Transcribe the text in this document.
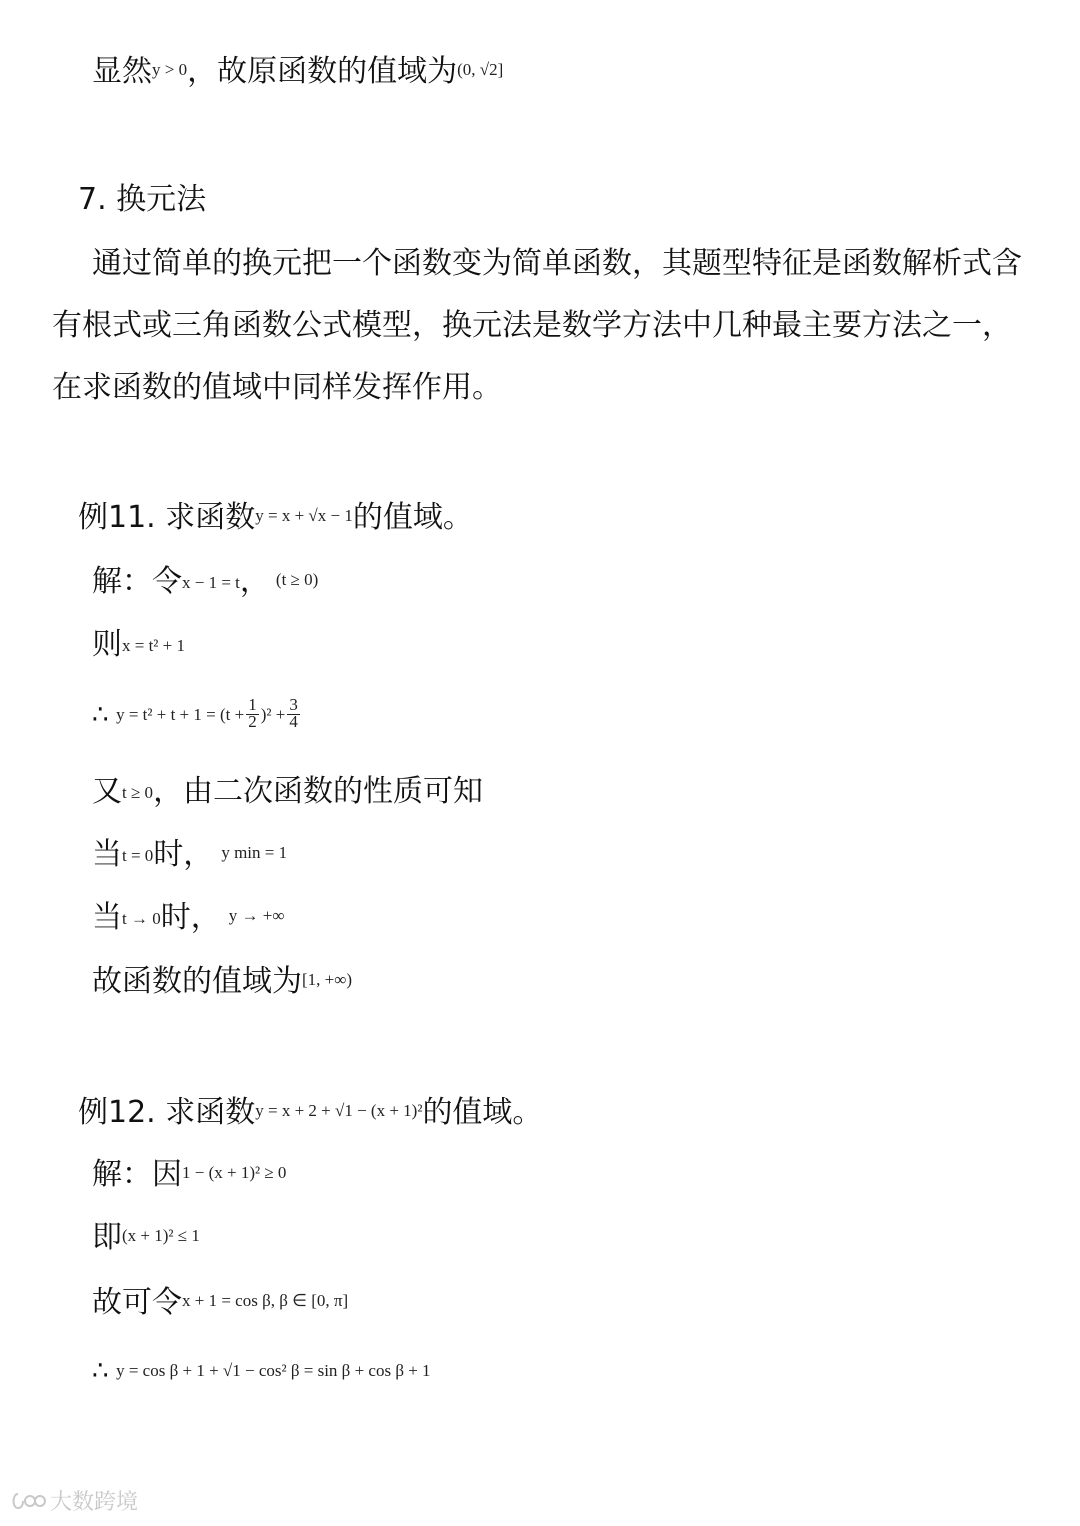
显然y > 0，故原函数的值域为(0, √2]
7. 换元法
通过简单的换元把一个函数变为简单函数，其题型特征是函数解析式含有根式或三角函数公式模型，换元法是数学方法中几种最主要方法之一，在求函数的值域中同样发挥作用。
例11. 求函数y = x + √x − 1的值域。
解：令x − 1 = t， (t ≥ 0)
则x = t² + 1
∴ $y = t^2 + t + 1 = (t + \frac{1}{2} )^2 + \frac{3}{4}$
又t ≥ 0，由二次函数的性质可知
当t = 0时， y min = 1
当t → 0时， y → +∞
故函数的值域为[1, +∞)
例12. 求函数y = x + 2 + √1 − (x + 1)²的值域。
解：因1 − (x + 1)² ≥ 0
即(x + 1)² ≤ 1
故可令x + 1 = cos β, β ∈ [0, π]
∴ y = cos β + 1 + √1 − cos² β = sin β + cos β + 1
大数跨境
